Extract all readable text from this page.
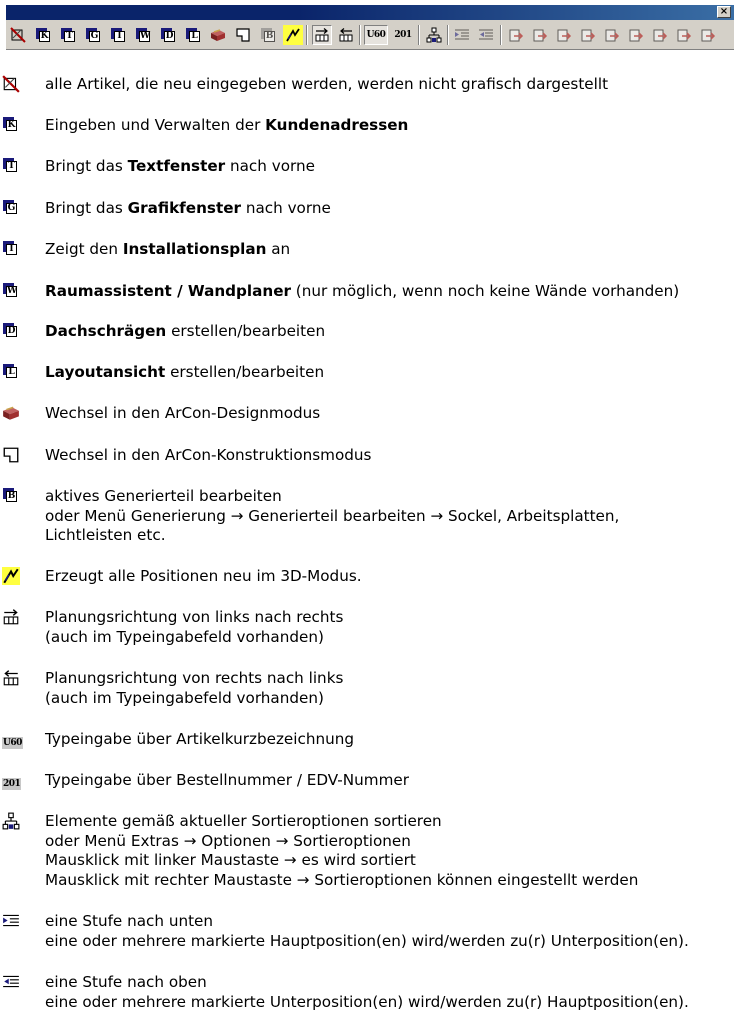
×
K T G	I	W D L	B	U60 201
alle Artikel, die neu eingegeben werden, werden nicht grafisch dargestellt
K Eingeben und Verwalten der Kundenadressen
T Bringt das Textfenster nach vorne
G Bringt das Grafikfenster nach vorne
I Zeigt den Installationsplan an
W Raumassistent / Wandplaner (nur möglich, wenn noch keine Wände vorhanden)
D Dachschrägen erstellen/bearbeiten
L Layoutansicht erstellen/bearbeiten
Wechsel in den ArCon-Designmodus
Wechsel in den ArCon-Konstruktionsmodus
B aktives Generierteil bearbeiten
oder Menü Generierung → Generierteil bearbeiten → Sockel, Arbeitsplatten,
Lichtleisten etc.
Erzeugt alle Positionen neu im 3D-Modus.
Planungsrichtung von links nach rechts
(auch im Typeingabefeld vorhanden)
Planungsrichtung von rechts nach links
(auch im Typeingabefeld vorhanden)
U60 Typeingabe über Artikelkurzbezeichnung
201 Typeingabe über Bestellnummer / EDV-Nummer
Elemente gemäß aktueller Sortieroptionen sortieren
oder Menü Extras → Optionen → Sortieroptionen
Mausklick mit linker Maustaste → es wird sortiert
Mausklick mit rechter Maustaste → Sortieroptionen können eingestellt werden
eine Stufe nach unten
eine oder mehrere markierte Hauptposition(en) wird/werden zu(r) Unterposition(en).
eine Stufe nach oben
eine oder mehrere markierte Unterposition(en) wird/werden zu(r) Hauptposition(en).
